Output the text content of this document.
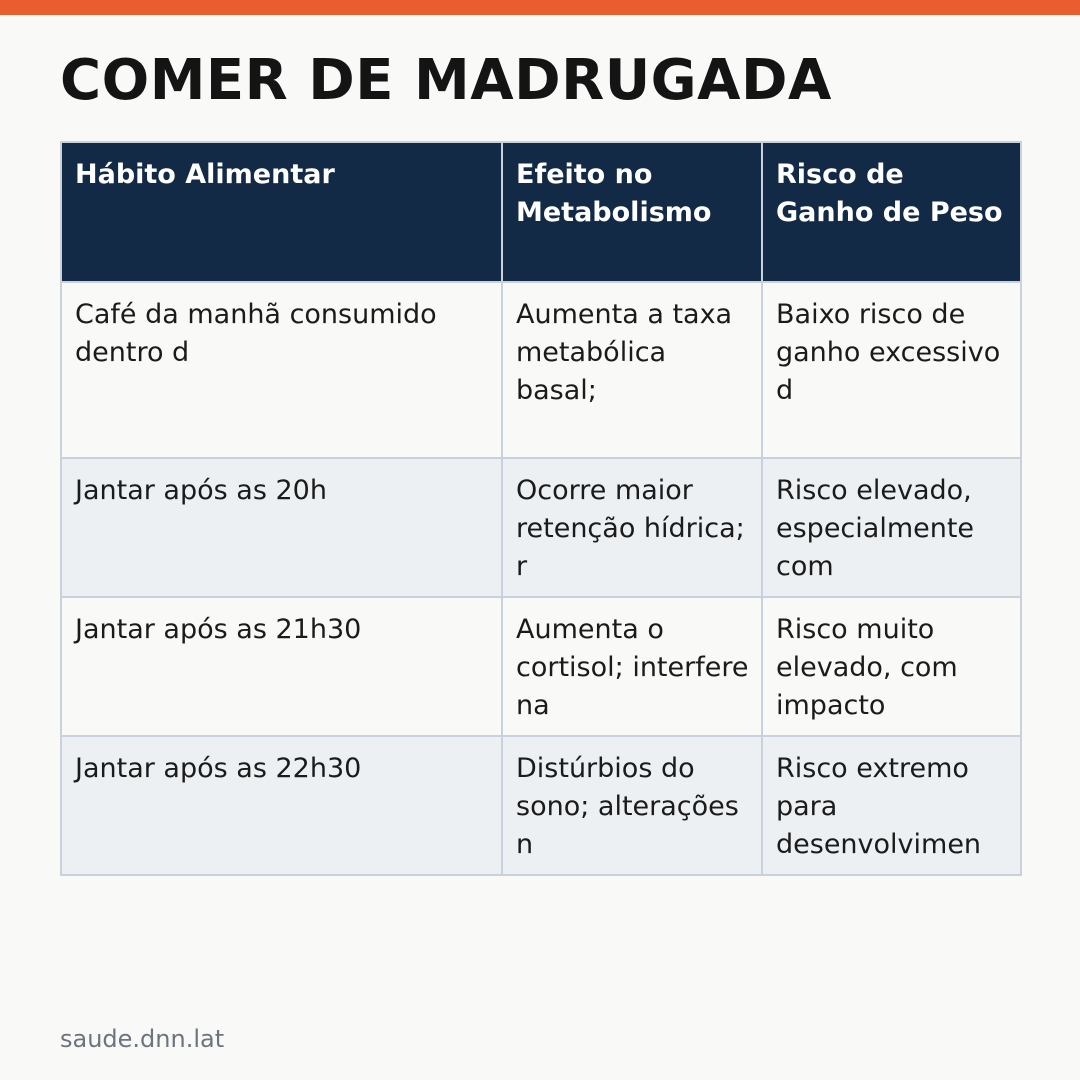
COMER DE MADRUGADA
Hábito Alimentar	Efeito no Metabolismo	Risco de Ganho de Peso
Café da manhã consumido dentro d	Aumenta a taxa metabólica basal;	Baixo risco de ganho excessivo d
Jantar após as 20h	Ocorre maior retenção hídrica; r	Risco elevado, especialmente com
Jantar após as 21h30	Aumenta o cortisol; interfere na	Risco muito elevado, com impacto
Jantar após as 22h30	Distúrbios do sono; alterações n	Risco extremo para desenvolvimen
saude.dnn.lat
